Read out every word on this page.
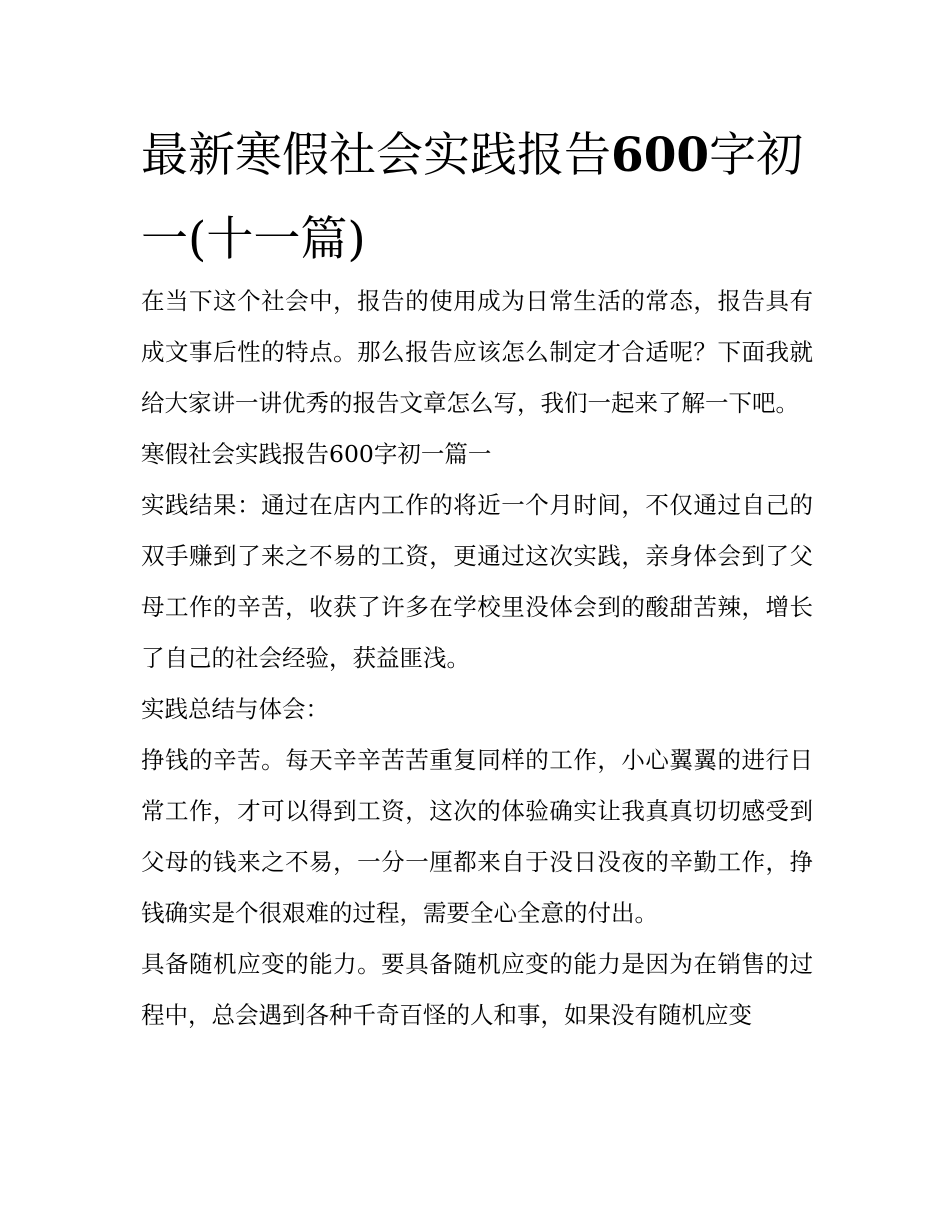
最新寒假社会实践报告600字初一(十一篇)

在当下这个社会中，报告的使用成为日常生活的常态，报告具有成文事后性的特点。那么报告应该怎么制定才合适呢？下面我就给大家讲一讲优秀的报告文章怎么写，我们一起来了解一下吧。

寒假社会实践报告600字初一篇一

实践结果：通过在店内工作的将近一个月时间，不仅通过自己的双手赚到了来之不易的工资，更通过这次实践，亲身体会到了父母工作的辛苦，收获了许多在学校里没体会到的酸甜苦辣，增长了自己的社会经验，获益匪浅。

实践总结与体会：

挣钱的辛苦。每天辛辛苦苦重复同样的工作，小心翼翼的进行日常工作，才可以得到工资，这次的体验确实让我真真切切感受到父母的钱来之不易，一分一厘都来自于没日没夜的辛勤工作，挣钱确实是个很艰难的过程，需要全心全意的付出。

具备随机应变的能力。要具备随机应变的能力是因为在销售的过程中，总会遇到各种千奇百怪的人和事，如果没有随机应变
